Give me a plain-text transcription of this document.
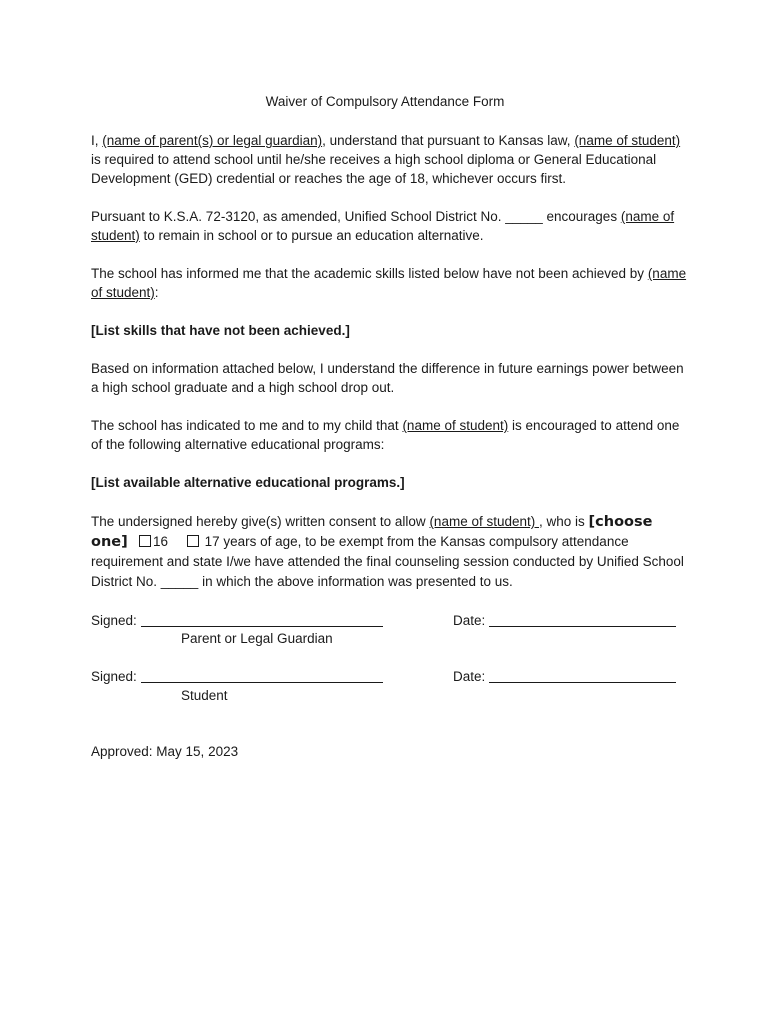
Waiver of Compulsory Attendance Form

I, (name of parent(s) or legal guardian), understand that pursuant to Kansas law, (name of student) is required to attend school until he/she receives a high school diploma or General Educational Development (GED) credential or reaches the age of 18, whichever occurs first.

Pursuant to K.S.A. 72-3120, as amended, Unified School District No. _____ encourages (name of student) to remain in school or to pursue an education alternative.

The school has informed me that the academic skills listed below have not been achieved by (name of student):

[List skills that have not been achieved.]

Based on information attached below, I understand the difference in future earnings power between a high school graduate and a high school drop out.

The school has indicated to me and to my child that (name of student) is encouraged to attend one of the following alternative educational programs:

[List available alternative educational programs.]

The undersigned hereby give(s) written consent to allow (name of student) , who is [choose one] 16	17 years of age, to be exempt from the Kansas compulsory attendance requirement and state I/we have attended the final counseling session conducted by Unified School District No. _____ in which the above information was presented to us.

Signed:
Parent or Legal Guardian
Date:
Signed:
Student
Date:
Approved: May 15, 2023
